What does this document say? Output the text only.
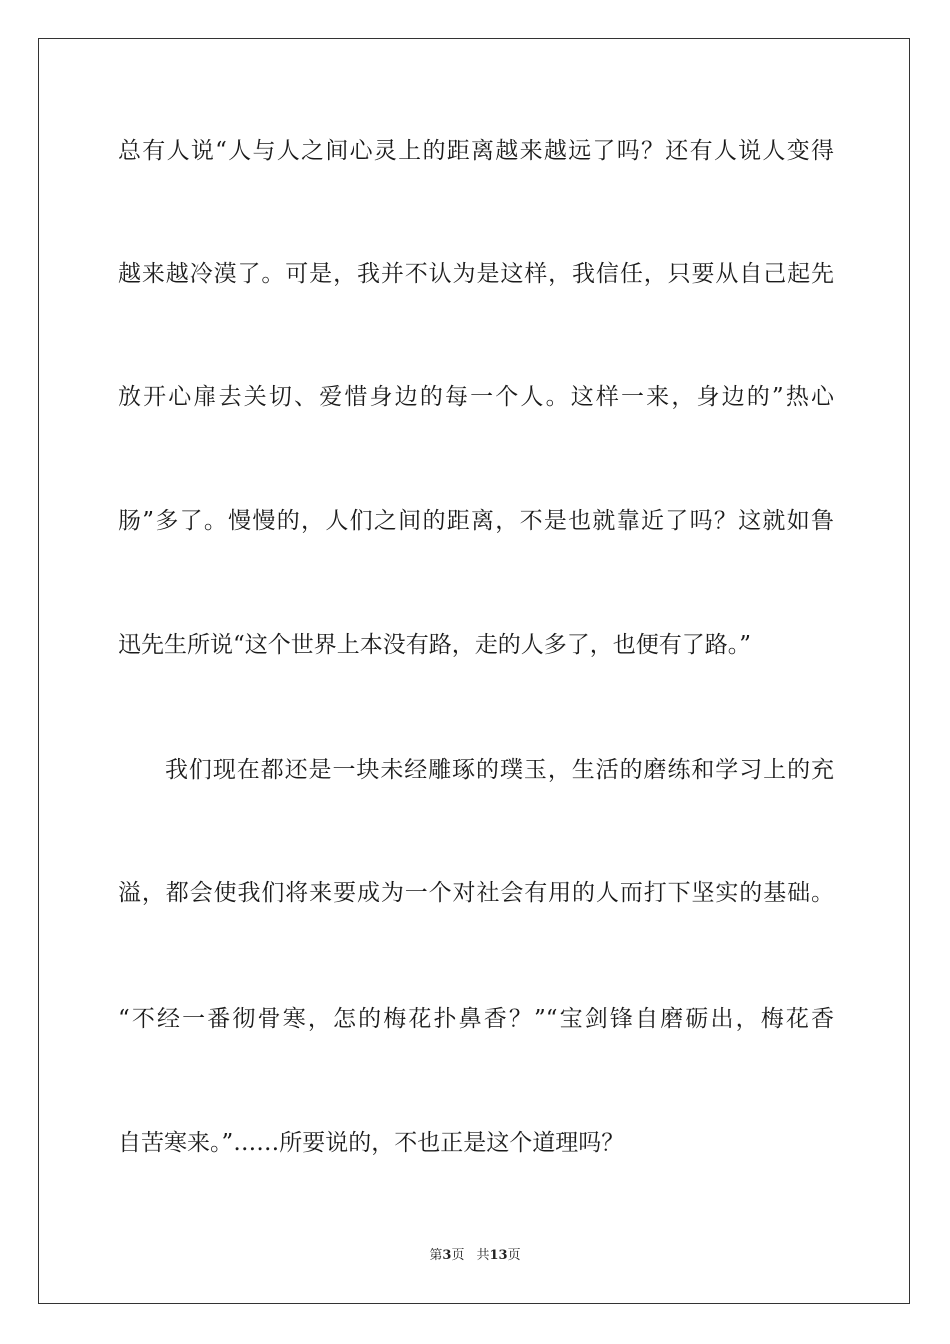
总有人说“人与人之间心灵上的距离越来越远了吗？还有人说人变得
越来越冷漠了。可是，我并不认为是这样，我信任，只要从自己起先
放开心扉去关切、爱惜身边的每一个人。这样一来，身边的”热心
肠”多了。慢慢的，人们之间的距离，不是也就靠近了吗？这就如鲁
迅先生所说“这个世界上本没有路，走的人多了，也便有了路。”
我们现在都还是一块未经雕琢的璞玉，生活的磨练和学习上的充
溢，都会使我们将来要成为一个对社会有用的人而打下坚实的基础。
“不经一番彻骨寒，怎的梅花扑鼻香？”“宝剑锋自磨砺出，梅花香
自苦寒来。”……所要说的，不也正是这个道理吗？
第3页 共13页
